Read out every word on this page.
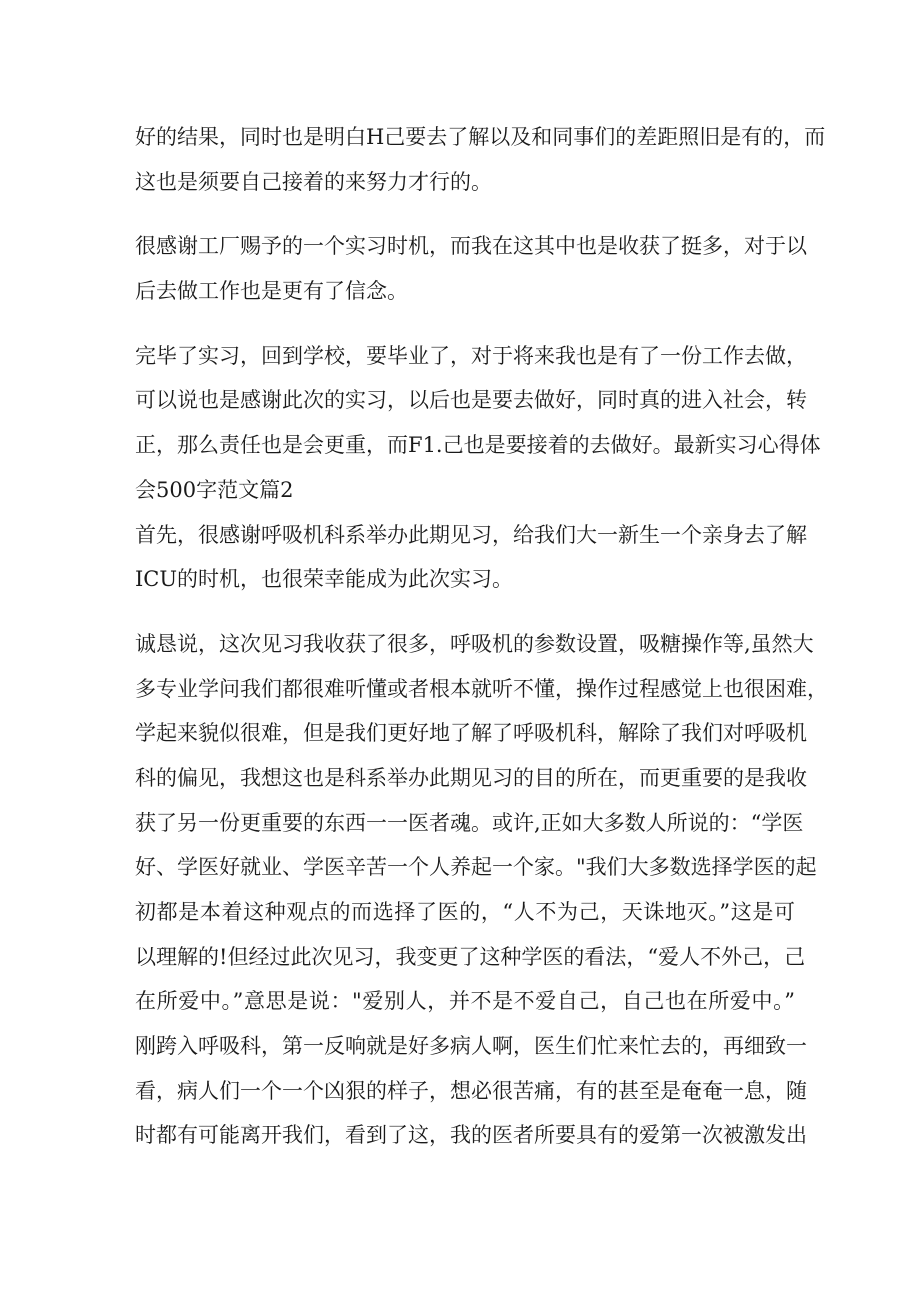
好的结果，同时也是明白H己要去了解以及和同事们的差距照旧是有的，而
这也是须要自己接着的来努力才行的。
很感谢工厂赐予的一个实习时机，而我在这其中也是收获了挺多，对于以
后去做工作也是更有了信念。
完毕了实习，回到学校，要毕业了，对于将来我也是有了一份工作去做，
可以说也是感谢此次的实习，以后也是要去做好，同时真的进入社会，转
正，那么责任也是会更重，而F1.己也是要接着的去做好。最新实习心得体
会500字范文篇2
首先，很感谢呼吸机科系举办此期见习，给我们大一新生一个亲身去了解
ICU的时机，也很荣幸能成为此次实习。
诚恳说，这次见习我收获了很多，呼吸机的参数设置，吸糖操作等,虽然大
多专业学问我们都很难听懂或者根本就听不懂，操作过程感觉上也很困难，
学起来貌似很难，但是我们更好地了解了呼吸机科，解除了我们对呼吸机
科的偏见，我想这也是科系举办此期见习的目的所在，而更重要的是我收
获了另一份更重要的东西一一医者魂。或许,正如大多数人所说的：“学医
好、学医好就业、学医辛苦一个人养起一个家。"我们大多数选择学医的起
初都是本着这种观点的而选择了医的，“人不为己，天诛地灭。”这是可
以理解的!但经过此次见习，我变更了这种学医的看法，“爱人不外己，己
在所爱中。”意思是说："爱别人，并不是不爱自己，自己也在所爱中。”
刚跨入呼吸科，第一反响就是好多病人啊，医生们忙来忙去的，再细致一
看，病人们一个一个凶狠的样子，想必很苦痛，有的甚至是奄奄一息，随
时都有可能离开我们，看到了这，我的医者所要具有的爱第一次被激发出
